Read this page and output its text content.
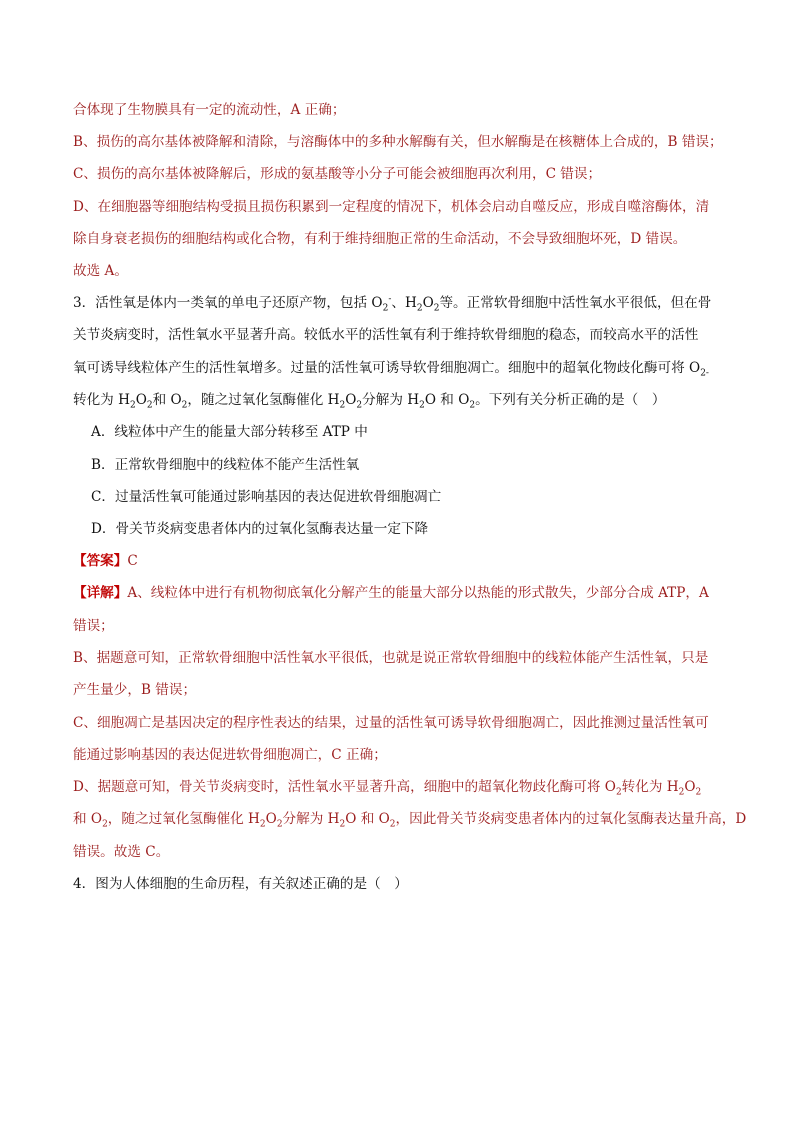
合体现了生物膜具有一定的流动性，A 正确；
B、损伤的高尔基体被降解和清除，与溶酶体中的多种水解酶有关，但水解酶是在核糖体上合成的，B 错误；
C、损伤的高尔基体被降解后，形成的氨基酸等小分子可能会被细胞再次利用，C 错误；
D、在细胞器等细胞结构受损且损伤积累到一定程度的情况下，机体会启动自噬反应，形成自噬溶酶体，清
除自身衰老损伤的细胞结构或化合物，有利于维持细胞正常的生命活动，不会导致细胞坏死，D 错误。
故选 A。
3．活性氧是体内一类氧的单电子还原产物，包括 $O_2^-$、$H_2O_2$等。正常软骨细胞中活性氧水平很低，但在骨
关节炎病变时，活性氧水平显著升高。较低水平的活性氧有利于维持软骨细胞的稳态，而较高水平的活性
氧可诱导线粒体产生的活性氧增多。过量的活性氧可诱导软骨细胞凋亡。细胞中的超氧化物歧化酶可将 $O_{2-}$
转化为 $H_2O_2$和 $O_2$，随之过氧化氢酶催化 $H_2O_2$分解为 $H_2O$ 和 $O_2$。下列有关分析正确的是（　）
A．线粒体中产生的能量大部分转移至 ATP 中
B．正常软骨细胞中的线粒体不能产生活性氧
C．过量活性氧可能通过影响基因的表达促进软骨细胞凋亡
D．骨关节炎病变患者体内的过氧化氢酶表达量一定下降
【答案】C
【详解】A、线粒体中进行有机物彻底氧化分解产生的能量大部分以热能的形式散失，少部分合成 ATP，A
错误；
B、据题意可知，正常软骨细胞中活性氧水平很低，也就是说正常软骨细胞中的线粒体能产生活性氧，只是
产生量少，B 错误；
C、细胞凋亡是基因决定的程序性表达的结果，过量的活性氧可诱导软骨细胞凋亡，因此推测过量活性氧可
能通过影响基因的表达促进软骨细胞凋亡，C 正确；
D、据题意可知，骨关节炎病变时，活性氧水平显著升高，细胞中的超氧化物歧化酶可将 $O_2$转化为 $H_2O_2$
和 $O_2$，随之过氧化氢酶催化 $H_2O_2$分解为 $H_2O$ 和 $O_2$，因此骨关节炎病变患者体内的过氧化氢酶表达量升高，D
错误。故选 C。
4．图为人体细胞的生命历程，有关叙述正确的是（　）
